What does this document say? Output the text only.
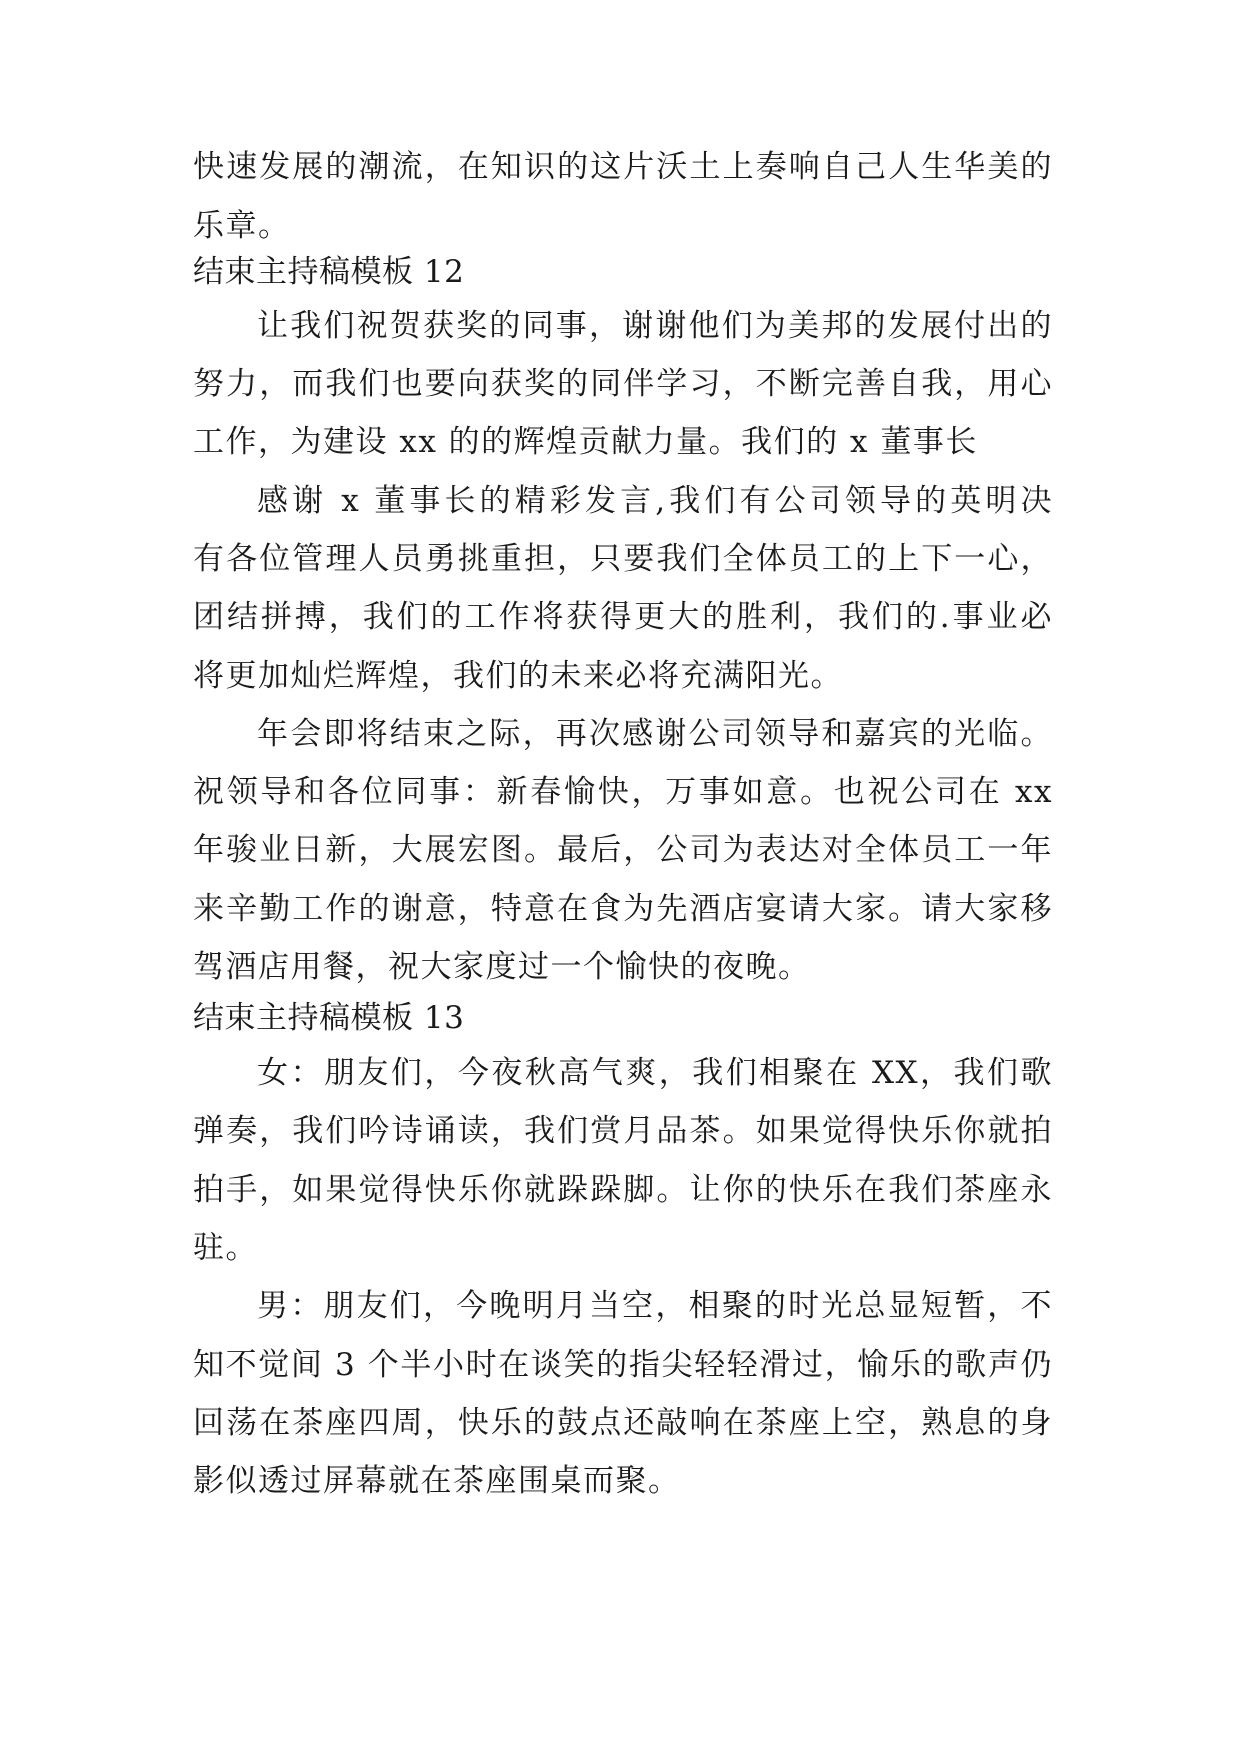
快速发展的潮流，在知识的这片沃土上奏响自己人生华美的
乐章。
结束主持稿模板 12
让我们祝贺获奖的同事，谢谢他们为美邦的发展付出的
努力，而我们也要向获奖的同伴学习，不断完善自我，用心
工作，为建设 xx 的的辉煌贡献力量。我们的 x 董事长
感谢 x 董事长的精彩发言,我们有公司领导的英明决
有各位管理人员勇挑重担，只要我们全体员工的上下一心，
团结拼搏，我们的工作将获得更大的胜利，我们的.事业必
将更加灿烂辉煌，我们的未来必将充满阳光。
年会即将结束之际，再次感谢公司领导和嘉宾的光临。
祝领导和各位同事：新春愉快，万事如意。也祝公司在 xx
年骏业日新，大展宏图。最后，公司为表达对全体员工一年
来辛勤工作的谢意，特意在食为先酒店宴请大家。请大家移
驾酒店用餐，祝大家度过一个愉快的夜晚。
结束主持稿模板 13
女：朋友们，今夜秋高气爽，我们相聚在 XX，我们歌
弹奏，我们吟诗诵读，我们赏月品茶。如果觉得快乐你就拍
拍手，如果觉得快乐你就跺跺脚。让你的快乐在我们茶座永
驻。
男：朋友们，今晚明月当空，相聚的时光总显短暂，不
知不觉间 3 个半小时在谈笑的指尖轻轻滑过，愉乐的歌声仍
回荡在茶座四周，快乐的鼓点还敲响在茶座上空，熟息的身
影似透过屏幕就在茶座围桌而聚。
